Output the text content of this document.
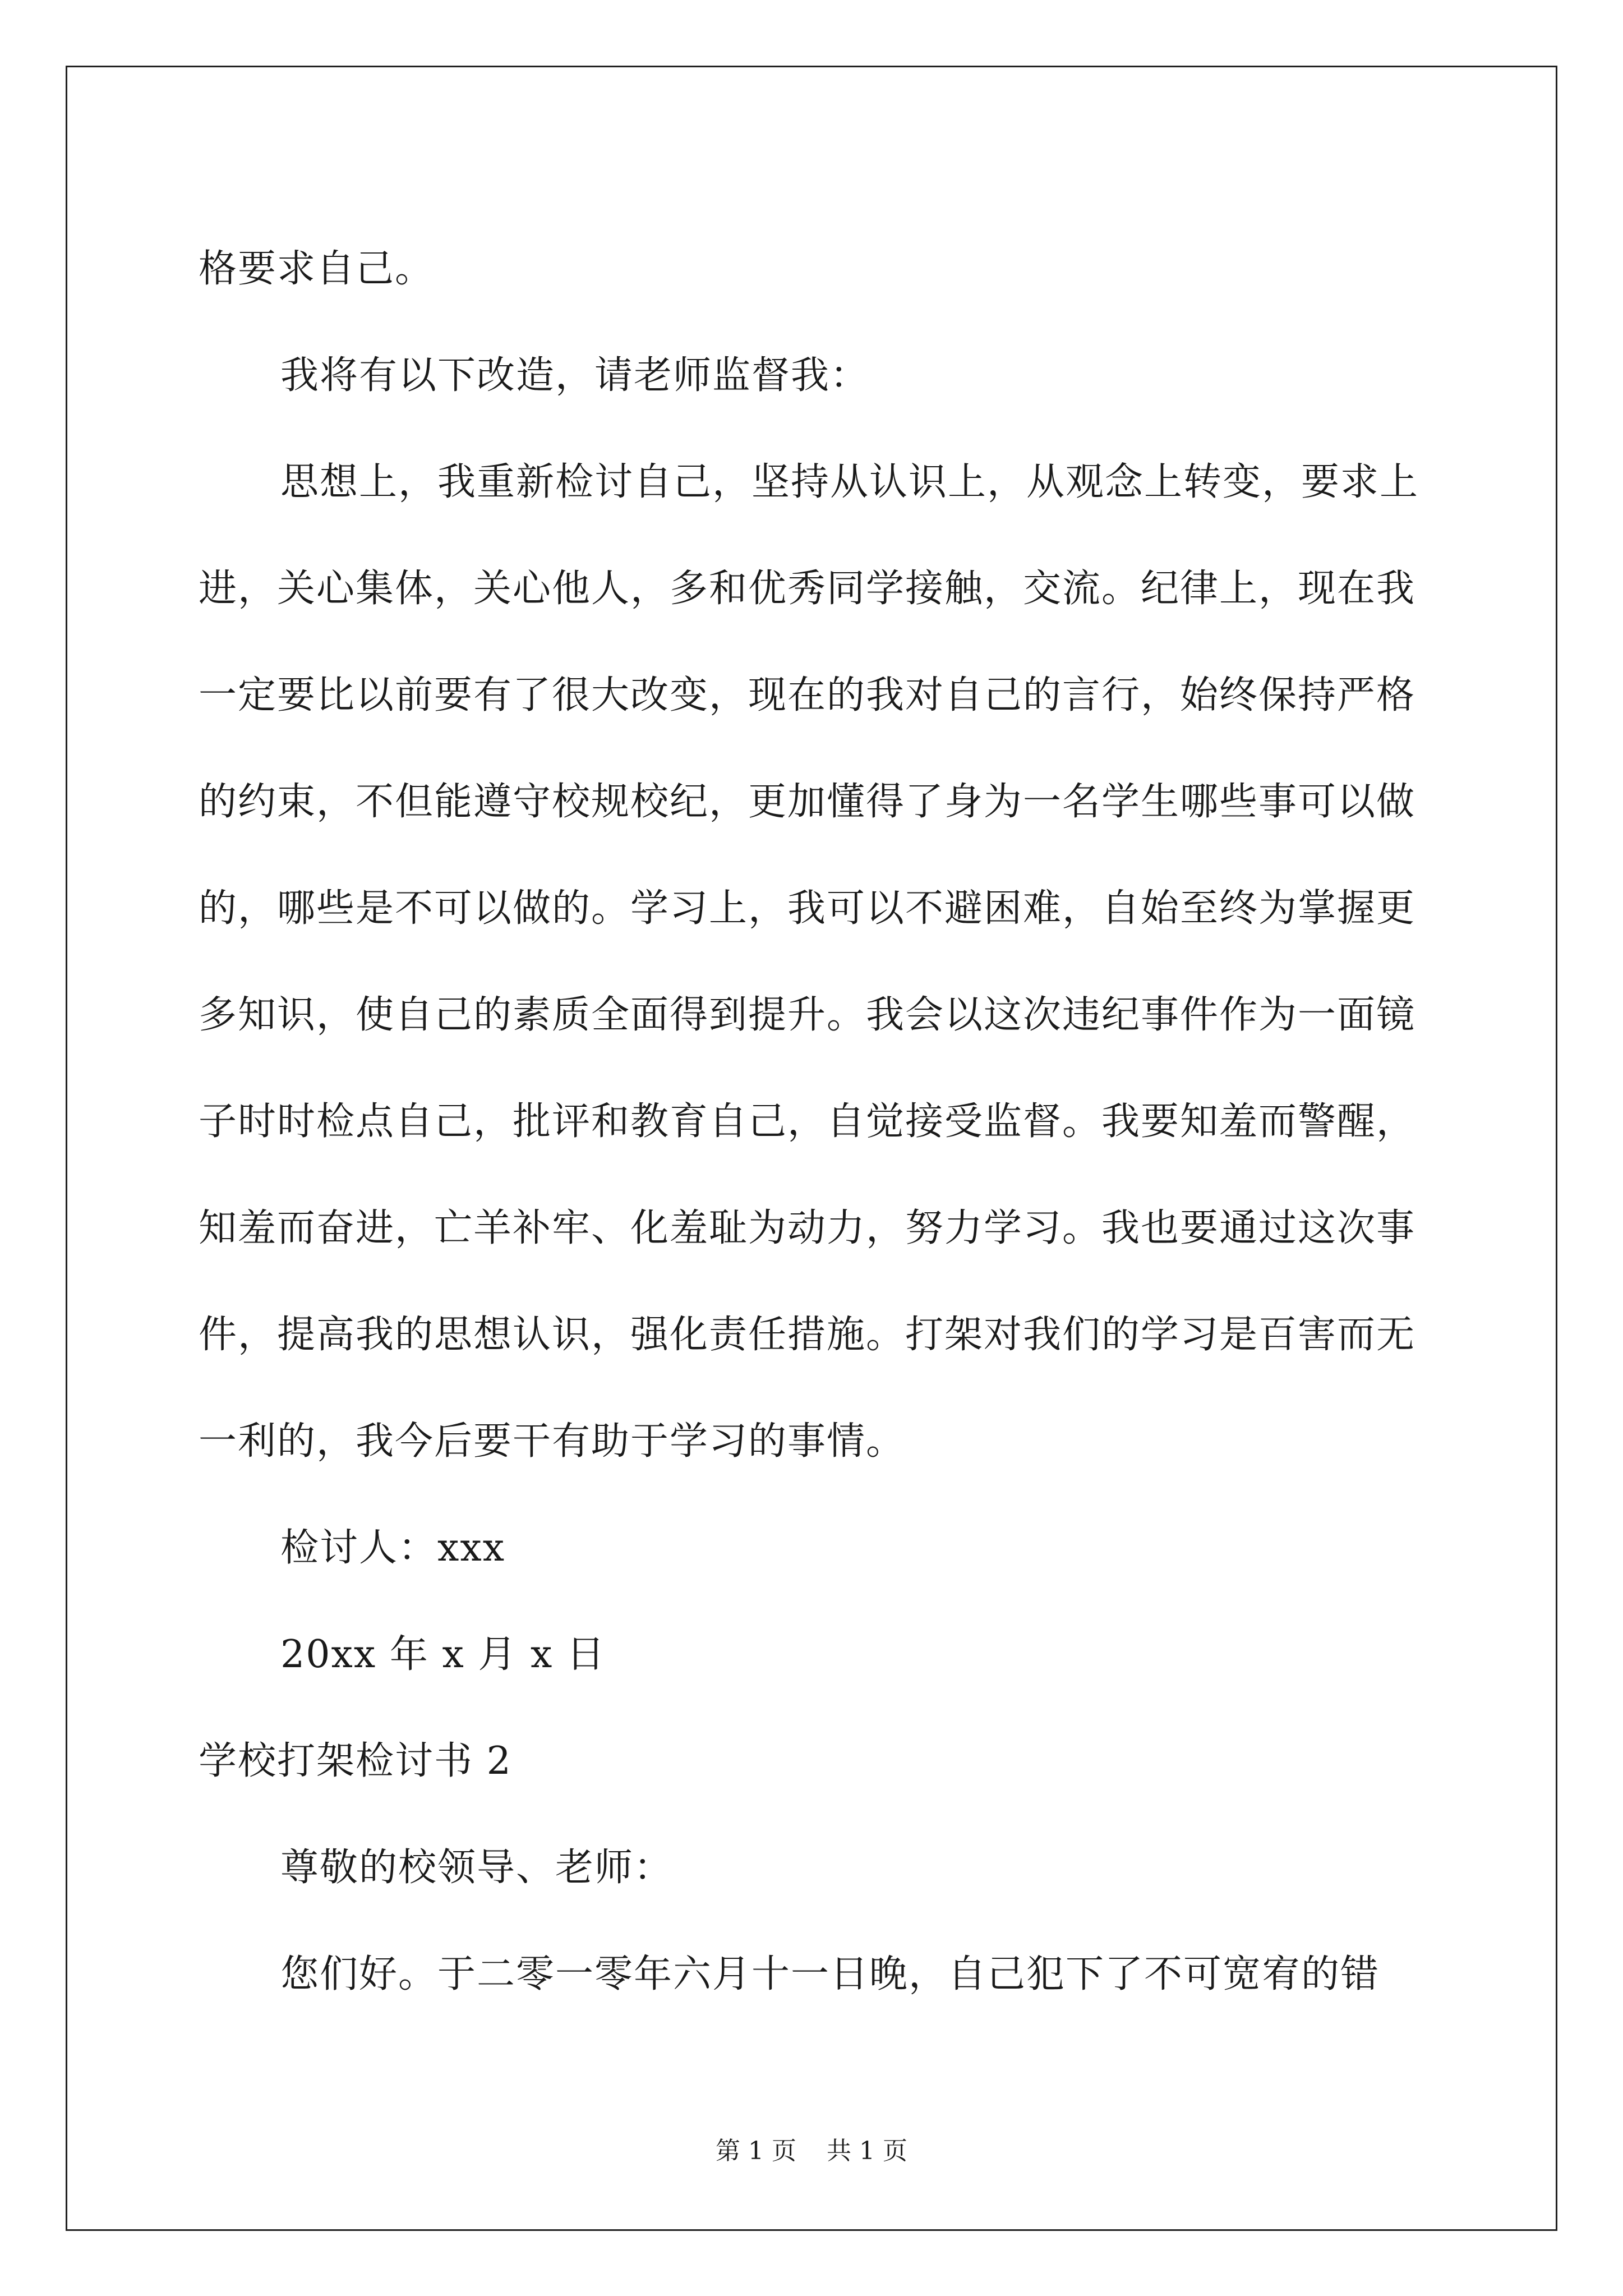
格要求自己。

我将有以下改造，请老师监督我：

思想上，我重新检讨自己，坚持从认识上，从观念上转变，要求上进，关心集体，关心他人，多和优秀同学接触，交流。纪律上，现在我一定要比以前要有了很大改变，现在的我对自己的言行，始终保持严格的约束，不但能遵守校规校纪，更加懂得了身为一名学生哪些事可以做的，哪些是不可以做的。学习上，我可以不避困难，自始至终为掌握更多知识，使自己的素质全面得到提升。我会以这次违纪事件作为一面镜子时时检点自己，批评和教育自己，自觉接受监督。我要知羞而警醒，知羞而奋进，亡羊补牢、化羞耻为动力，努力学习。我也要通过这次事件，提高我的思想认识，强化责任措施。打架对我们的学习是百害而无一利的，我今后要干有助于学习的事情。

检讨人：xxx

20xx 年 x 月 x 日

学校打架检讨书 2

尊敬的校领导、老师：

您们好。于二零一零年六月十一日晚，自己犯下了不可宽宥的错

第 1 页 共 1 页
